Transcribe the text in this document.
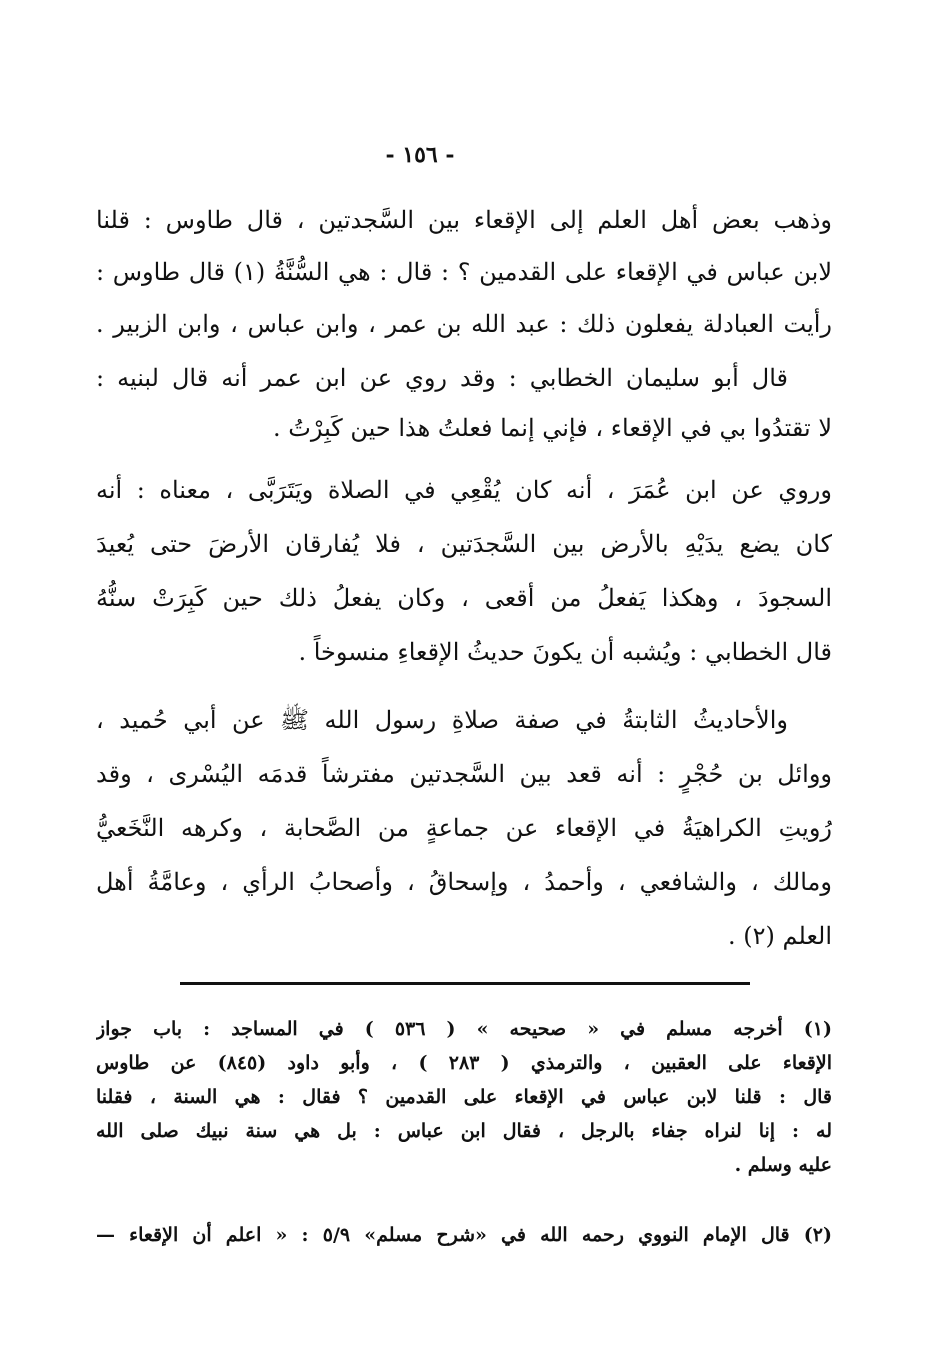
- ١٥٦ -
وذهب بعض أهل العلم إلى الإقعاء بين السَّجدتين ، قال طاوس : قلنا
لابن عباس في الإقعاء على القدمين ؟ : قال : هي السُّنَّةُ (١) قال طاوس :
رأيت العبادلة يفعلون ذلك : عبد الله بن عمر ، وابن عباس ، وابن الزبير .
قال أبو سليمان الخطابي : وقد روي عن ابن عمر أنه قال لبنيه :
لا تقتدُوا بي في الإقعاء ، فإني إنما فعلتُ هذا حين كَبِرْتُ .
وروي عن ابن عُمَرَ ، أنه كان يُقْعِي في الصلاة ويَتَرَبَّى ، معناه : أنه
كان يضع يدَيْهِ بالأرض بين السَّجدَتين ، فلا يُفارقان الأرضَ حتى يُعيدَ
السجودَ ، وهكذا يَفعلُ من أقعى ، وكان يفعلُ ذلك حين كَبِرَتْ سنُّهُ
قال الخطابي : ويُشبه أن يكونَ حديثُ الإقعاءِ منسوخاً .
والأحاديثُ الثابتةُ في صفة صلاةِ رسول الله ﷺ عن أبي حُميد ،
ووائل بن حُجْرٍ : أنه قعد بين السَّجدتين مفترشاً قدمَه اليُسْرى ، وقد
رُويتِ الكراهيَةُ في الإقعاء عن جماعةٍ من الصَّحابة ، وكرهه النَّخَعيُّ
ومالك ، والشافعي ، وأحمدُ ، وإسحاقُ ، وأصحابُ الرأي ، وعامَّةُ أهل
العلم (٢) .
(١) أخرجه مسلم في « صحيحه » ( ٥٣٦ ) في المساجد : باب جواز
الإقعاء على العقبين ، والترمذي ( ٢٨٣ ) ، وأبو داود (٨٤٥) عن طاوس
قال : قلنا لابن عباس في الإقعاء على القدمين ؟ فقال : هي السنة ، فقلنا
له : إنا لنراه جفاء بالرجل ، فقال ابن عباس : بل هي سنة نبيك صلى الله
عليه وسلم .
(٢) قال الإمام النووي رحمه الله في «شرح مسلم» ٥/٩ : « اعلم أن الإقعاء —
